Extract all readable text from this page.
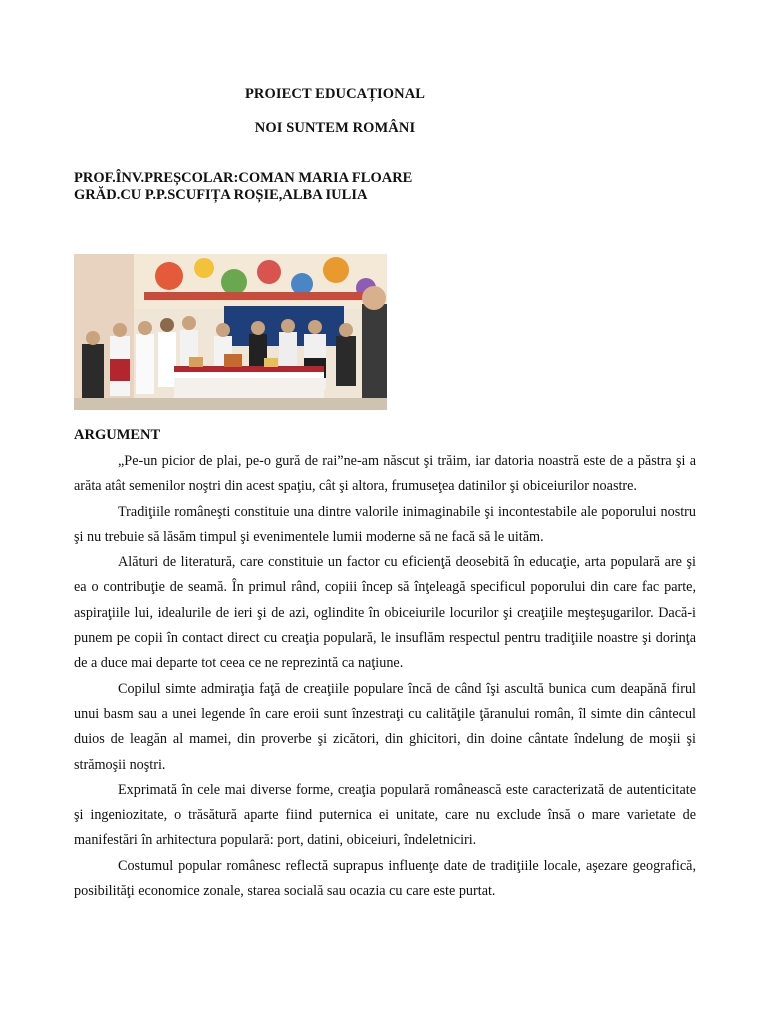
PROIECT EDUCAȚIONAL
NOI SUNTEM ROMÂNI
PROF.ÎNV.PREȘCOLAR:COMAN MARIA FLOARE
GRĂD.CU P.P.SCUFIȚA ROȘIE,ALBA IULIA
ARGUMENT

„Pe-un picior de plai, pe-o gură de rai”ne-am născut şi trăim, iar datoria noastră este de a păstra şi a arăta atât semenilor noştri din acest spaţiu, cât şi altora, frumuseţea datinilor şi obiceiurilor noastre.

Tradiţiile româneşti constituie una dintre valorile inimaginabile şi incontestabile ale poporului nostru şi nu trebuie să lăsăm timpul şi evenimentele lumii moderne să ne facă să le uităm.

Alături de literatură, care constituie un factor cu eficienţă deosebită în educaţie, arta populară are şi ea o contribuţie de seamă. În primul rând, copiii încep să înţeleagă specificul poporului din care fac parte, aspiraţiile lui, idealurile de ieri şi de azi, oglindite în obiceiurile locurilor şi creaţiile meşteşugarilor. Dacă-i punem pe copii în contact direct cu creaţia populară, le insuflăm respectul pentru tradiţiile noastre şi dorinţa de a duce mai departe tot ceea ce ne reprezintă ca naţiune.

Copilul simte admiraţia faţă de creaţiile populare încă de când îşi ascultă bunica cum deapănă firul unui basm sau a unei legende în care eroii sunt înzestraţi cu calităţile ţăranului român, îl simte din cântecul duios de leagăn al mamei, din proverbe şi zicători, din ghicitori, din doine cântate îndelung de moşii şi strămoşii noştri.

Exprimată în cele mai diverse forme, creaţia populară românească este caracterizată de autenticitate şi ingeniozitate, o trăsătură aparte fiind puternica ei unitate, care nu exclude însă o mare varietate de manifestări în arhitectura populară: port, datini, obiceiuri, îndeletniciri.

Costumul popular românesc reflectă suprapus influenţe date de tradiţiile locale, aşezare geografică, posibilităţi economice zonale, starea socială sau ocazia cu care este purtat.
